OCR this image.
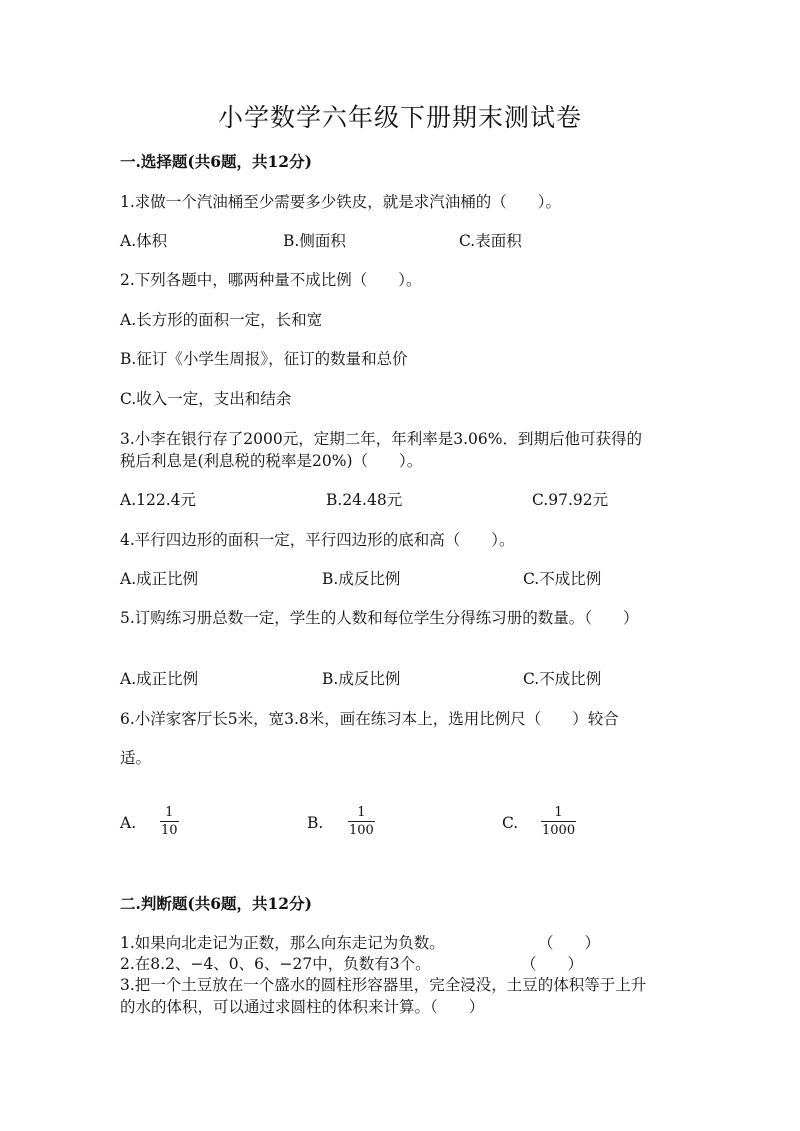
小学数学六年级下册期末测试卷
一.选择题(共6题，共12分)
1.求做一个汽油桶至少需要多少铁皮，就是求汽油桶的（　　）。
A.体积	B.侧面积	C.表面积
2.下列各题中，哪两种量不成比例（　　）。
A.长方形的面积一定，长和宽
B.征订《小学生周报》，征订的数量和总价
C.收入一定，支出和结余
3.小李在银行存了2000元，定期二年，年利率是3.06%．到期后他可获得的
税后利息是(利息税的税率是20%)（　　）。
A.122.4元	B.24.48元	C.97.92元
4.平行四边形的面积一定，平行四边形的底和高（　　）。
A.成正比例	B.成反比例	C.不成比例
5.订购练习册总数一定，学生的人数和每位学生分得练习册的数量。（　　）
A.成正比例	B.成反比例	C.不成比例
6.小洋家客厅长5米，宽3.8米，画在练习本上，选用比例尺（　　）较合
适。
A.
1
10	B.
1
100	C.
1
1000
二.判断题(共6题，共12分)
1.如果向北走记为正数，那么向东走记为负数。	（　　）
2.在8.2、−4、0、6、−27中，负数有3个。	（　　）
3.把一个土豆放在一个盛水的圆柱形容器里，完全浸没，土豆的体积等于上升
的水的体积，可以通过求圆柱的体积来计算。（　　）
